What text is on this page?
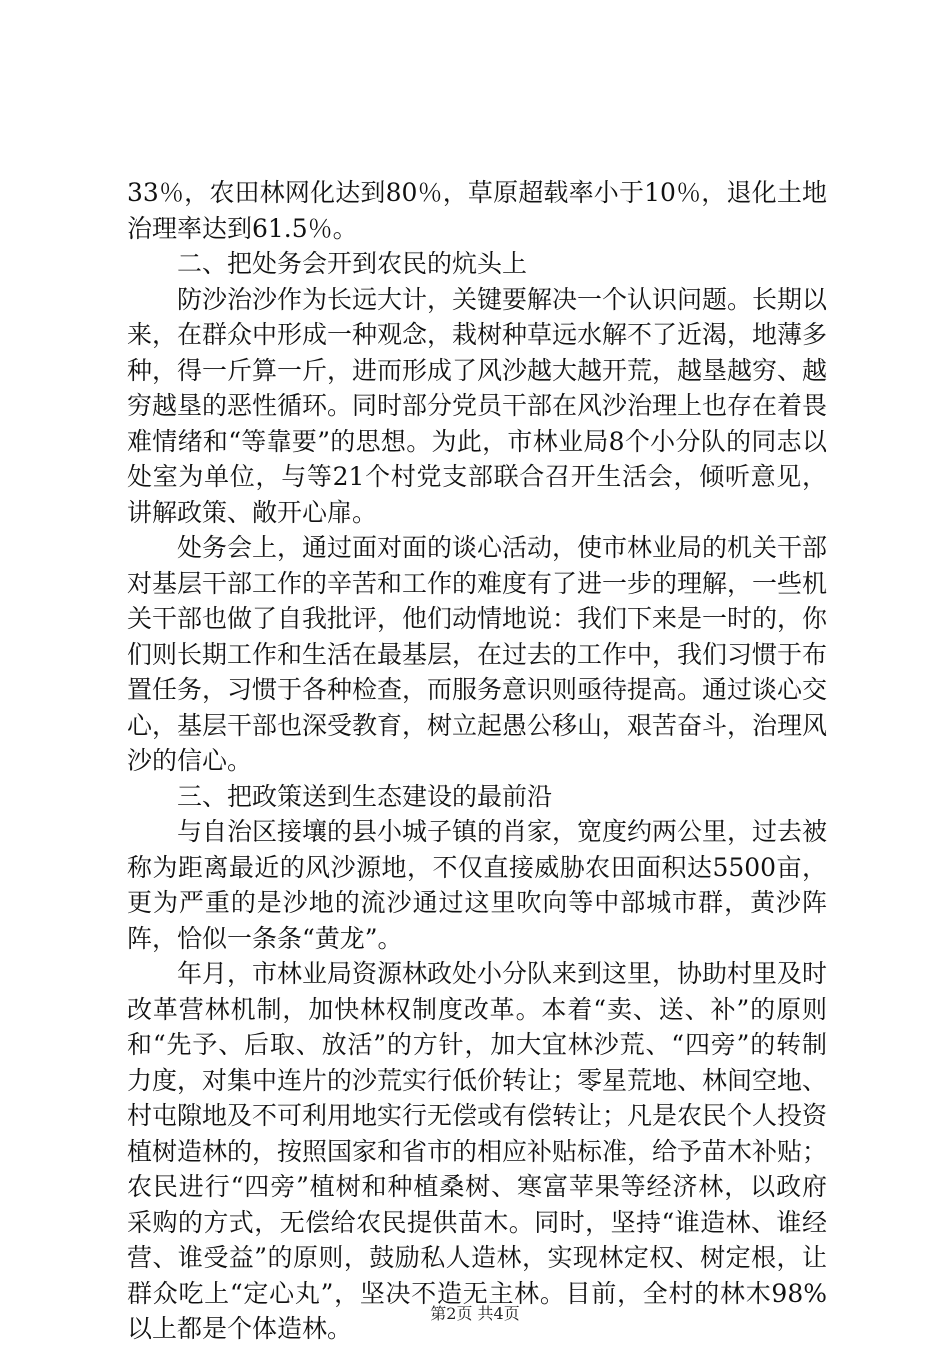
33％，农田林网化达到80％，草原超载率小于10％，退化土地治理率达到61.5％。

二、把处务会开到农民的炕头上

防沙治沙作为长远大计，关键要解决一个认识问题。长期以来，在群众中形成一种观念，栽树种草远水解不了近渴，地薄多种，得一斤算一斤，进而形成了风沙越大越开荒，越垦越穷、越穷越垦的恶性循环。同时部分党员干部在风沙治理上也存在着畏难情绪和“等靠要”的思想。为此，市林业局8个小分队的同志以处室为单位，与等21个村党支部联合召开生活会，倾听意见，讲解政策、敞开心扉。

处务会上，通过面对面的谈心活动，使市林业局的机关干部对基层干部工作的辛苦和工作的难度有了进一步的理解，一些机关干部也做了自我批评，他们动情地说：我们下来是一时的，你们则长期工作和生活在最基层，在过去的工作中，我们习惯于布置任务，习惯于各种检查，而服务意识则亟待提高。通过谈心交心，基层干部也深受教育，树立起愚公移山，艰苦奋斗，治理风沙的信心。

三、把政策送到生态建设的最前沿

与自治区接壤的县小城子镇的肖家，宽度约两公里，过去被称为距离最近的风沙源地，不仅直接威胁农田面积达5500亩，更为严重的是沙地的流沙通过这里吹向等中部城市群，黄沙阵阵，恰似一条条“黄龙”。

年月，市林业局资源林政处小分队来到这里，协助村里及时改革营林机制，加快林权制度改革。本着“卖、送、补”的原则和“先予、后取、放活”的方针，加大宜林沙荒、“四旁”的转制力度，对集中连片的沙荒实行低价转让；零星荒地、林间空地、村屯隙地及不可利用地实行无偿或有偿转让；凡是农民个人投资植树造林的，按照国家和省市的相应补贴标准，给予苗木补贴；农民进行“四旁”植树和种植桑树、寒富苹果等经济林，以政府采购的方式，无偿给农民提供苗木。同时，坚持“谁造林、谁经营、谁受益”的原则，鼓励私人造林，实现林定权、树定根，让群众吃上“定心丸”，坚决不造无主林。目前，全村的林木98%以上都是个体造林。

第2页 共4页
